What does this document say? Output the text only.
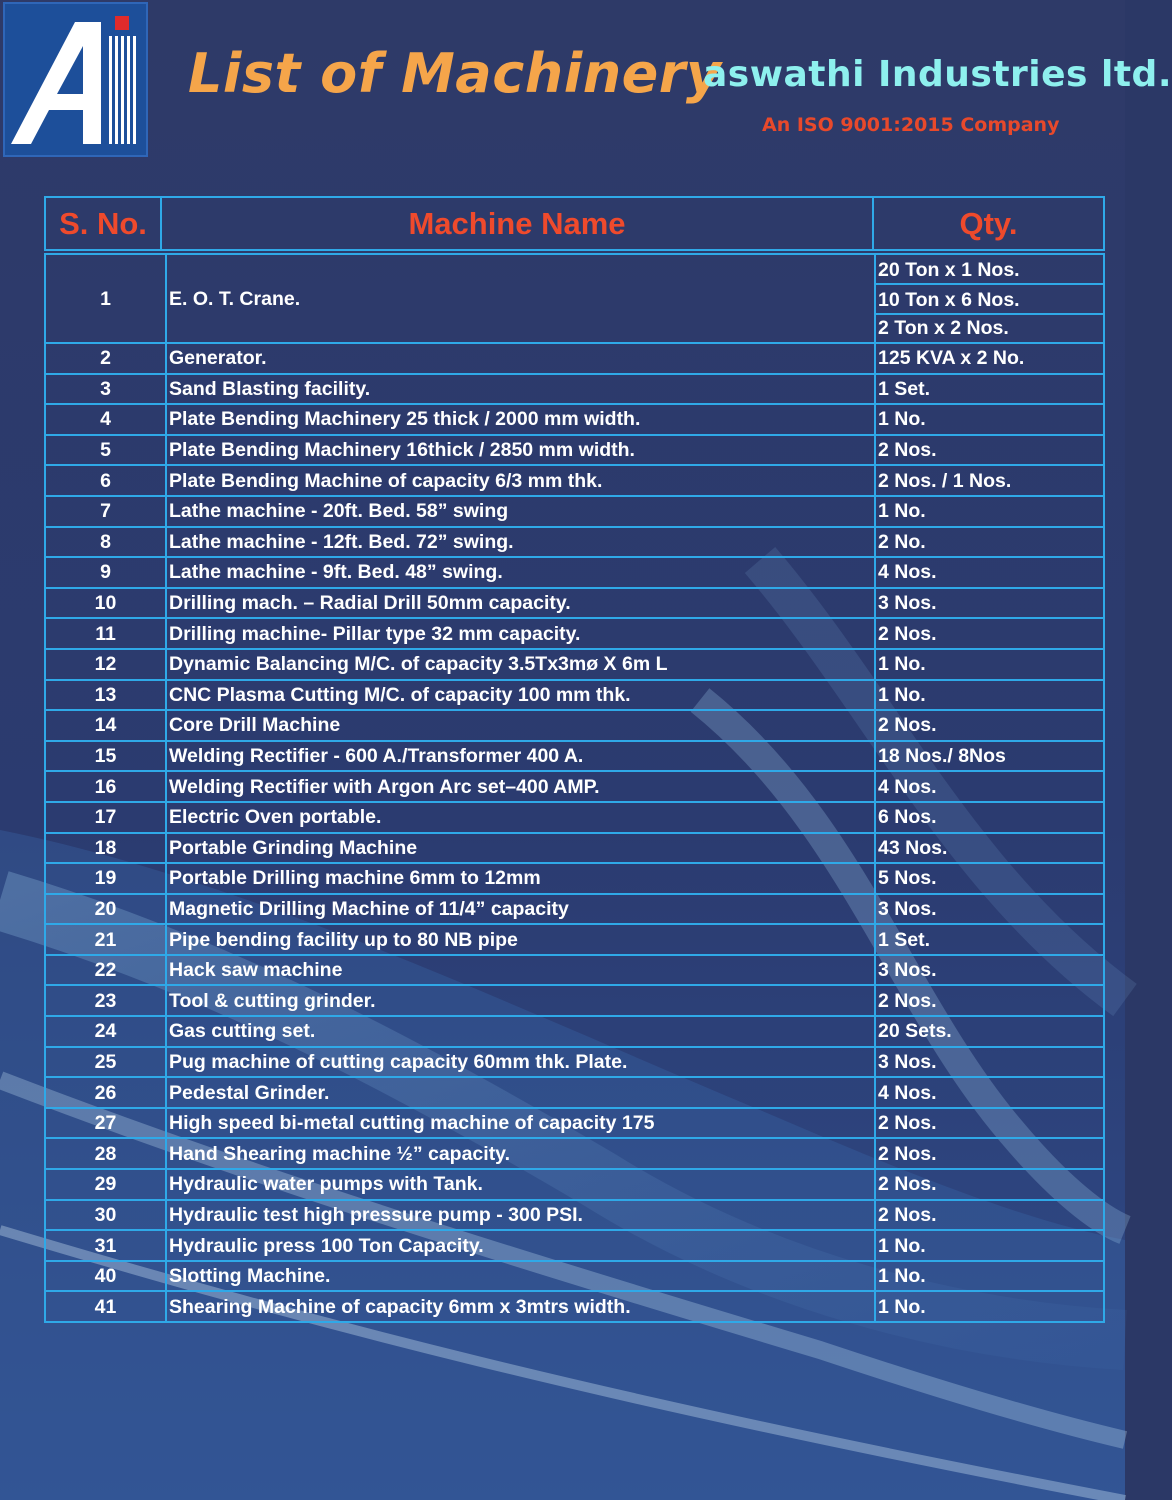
List of Machinery
aswathi Industries ltd.
An ISO 9001:2015 Company
S. No.	Machine Name	Qty.
1	E. O. T. Crane.	20 Ton x 1 Nos.
10 Ton x 6 Nos.
2 Ton x 2 Nos.

2	Generator.	125 KVA x 2 No.
3	Sand Blasting facility.	1 Set.
4	Plate Bending Machinery 25 thick / 2000 mm width.	1 No.
5	Plate Bending Machinery 16thick / 2850 mm width.	2 Nos.
6	Plate Bending Machine of capacity 6/3 mm thk.	2 Nos. / 1 Nos.
7	Lathe machine - 20ft. Bed. 58” swing	1 No.
8	Lathe machine - 12ft. Bed. 72” swing.	2 No.
9	Lathe machine - 9ft. Bed. 48” swing.	4 Nos.
10	Drilling mach. – Radial Drill 50mm capacity.	3 Nos.
11	Drilling machine- Pillar type 32 mm capacity.	2 Nos.
12	Dynamic Balancing M/C. of capacity 3.5Tx3mø X 6m L	1 No.
13	CNC Plasma Cutting M/C. of capacity 100 mm thk.	1 No.
14	Core Drill Machine	2 Nos.
15	Welding Rectifier - 600 A./Transformer 400 A.	18 Nos./ 8Nos
16	Welding Rectifier with Argon Arc set–400 AMP.	4 Nos.
17	Electric Oven portable.	6 Nos.
18	Portable Grinding Machine	43 Nos.
19	Portable Drilling machine 6mm to 12mm	5 Nos.
20	Magnetic Drilling Machine of 11/4” capacity	3 Nos.
21	Pipe bending facility up to 80 NB pipe	1 Set.
22	Hack saw machine	3 Nos.
23	Tool & cutting grinder.	2 Nos.
24	Gas cutting set.	20 Sets.
25	Pug machine of cutting capacity 60mm thk. Plate.	3 Nos.
26	Pedestal Grinder.	4 Nos.
27	High speed bi-metal cutting machine of capacity 175	2 Nos.
28	Hand Shearing machine ½” capacity.	2 Nos.
29	Hydraulic water pumps with Tank.	2 Nos.
30	Hydraulic test high pressure pump - 300 PSI.	2 Nos.
31	Hydraulic press 100 Ton Capacity.	1 No.
40	Slotting Machine.	1 No.
41	Shearing Machine of capacity 6mm x 3mtrs width.	1 No.
